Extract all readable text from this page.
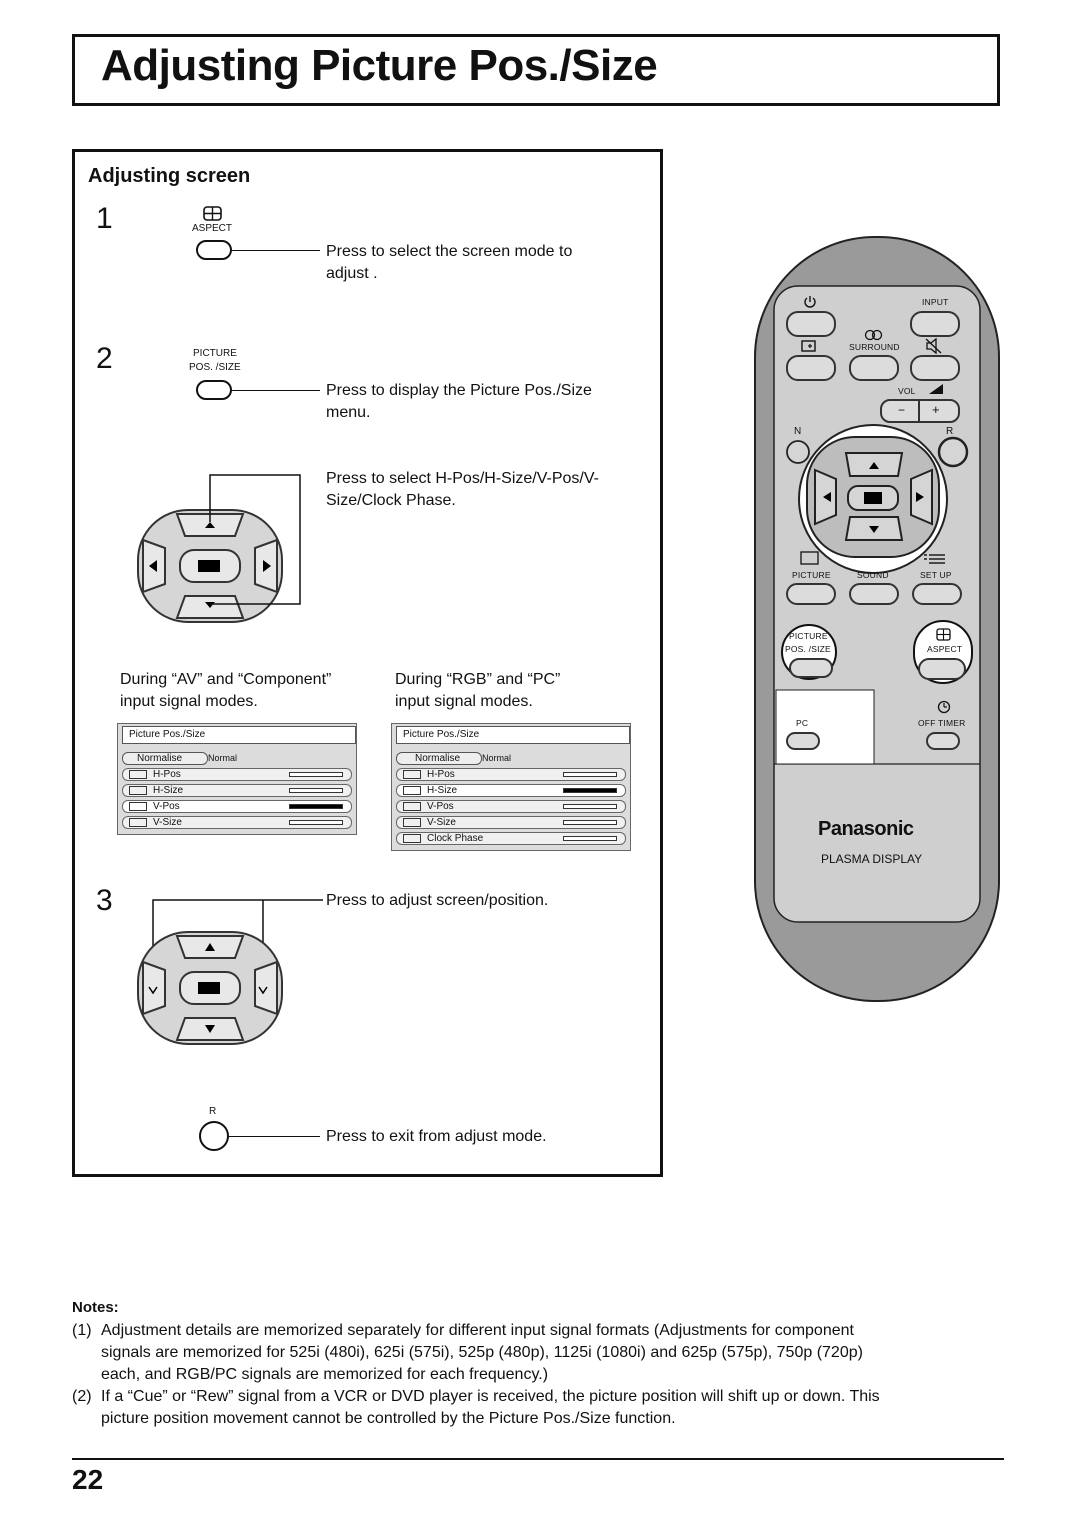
Adjusting Picture Pos./Size
Adjusting screen
1	ASPECT
Press to select the screen mode to
adjust .
2	PICTURE
POS. /SIZE
Press to display the Picture Pos./Size
menu.
Press to select H-Pos/H-Size/V-Pos/V-
Size/Clock Phase.
During “AV” and “Component”
input signal modes.
During “RGB” and “PC”
input signal modes.
Picture Pos./Size
Normalise	Normal
H-Pos
H-Size
V-Pos
V-Size
Picture Pos./Size
Normalise	Normal
H-Pos
H-Size
V-Pos
V-Size
Clock Phase
3	Press to adjust screen/position.
R
Press to exit from adjust mode.
INPUT
SURROUND
VOL
− +
N	R
PICTURE	SOUND	SET UP
PICTURE
POS. /SIZE	ASPECT
PC	OFF TIMER
Panasonic
PLASMA DISPLAY
Notes:
(1) Adjustment details are memorized separately for different input signal formats (Adjustments for component
signals are memorized for 525i (480i), 625i (575i), 525p (480p), 1125i (1080i) and 625p (575p), 750p (720p)
each, and RGB/PC signals are memorized for each frequency.)
(2) If a “Cue” or “Rew” signal from a VCR or DVD player is received, the picture position will shift up or down. This
picture position movement cannot be controlled by the Picture Pos./Size function.
22
